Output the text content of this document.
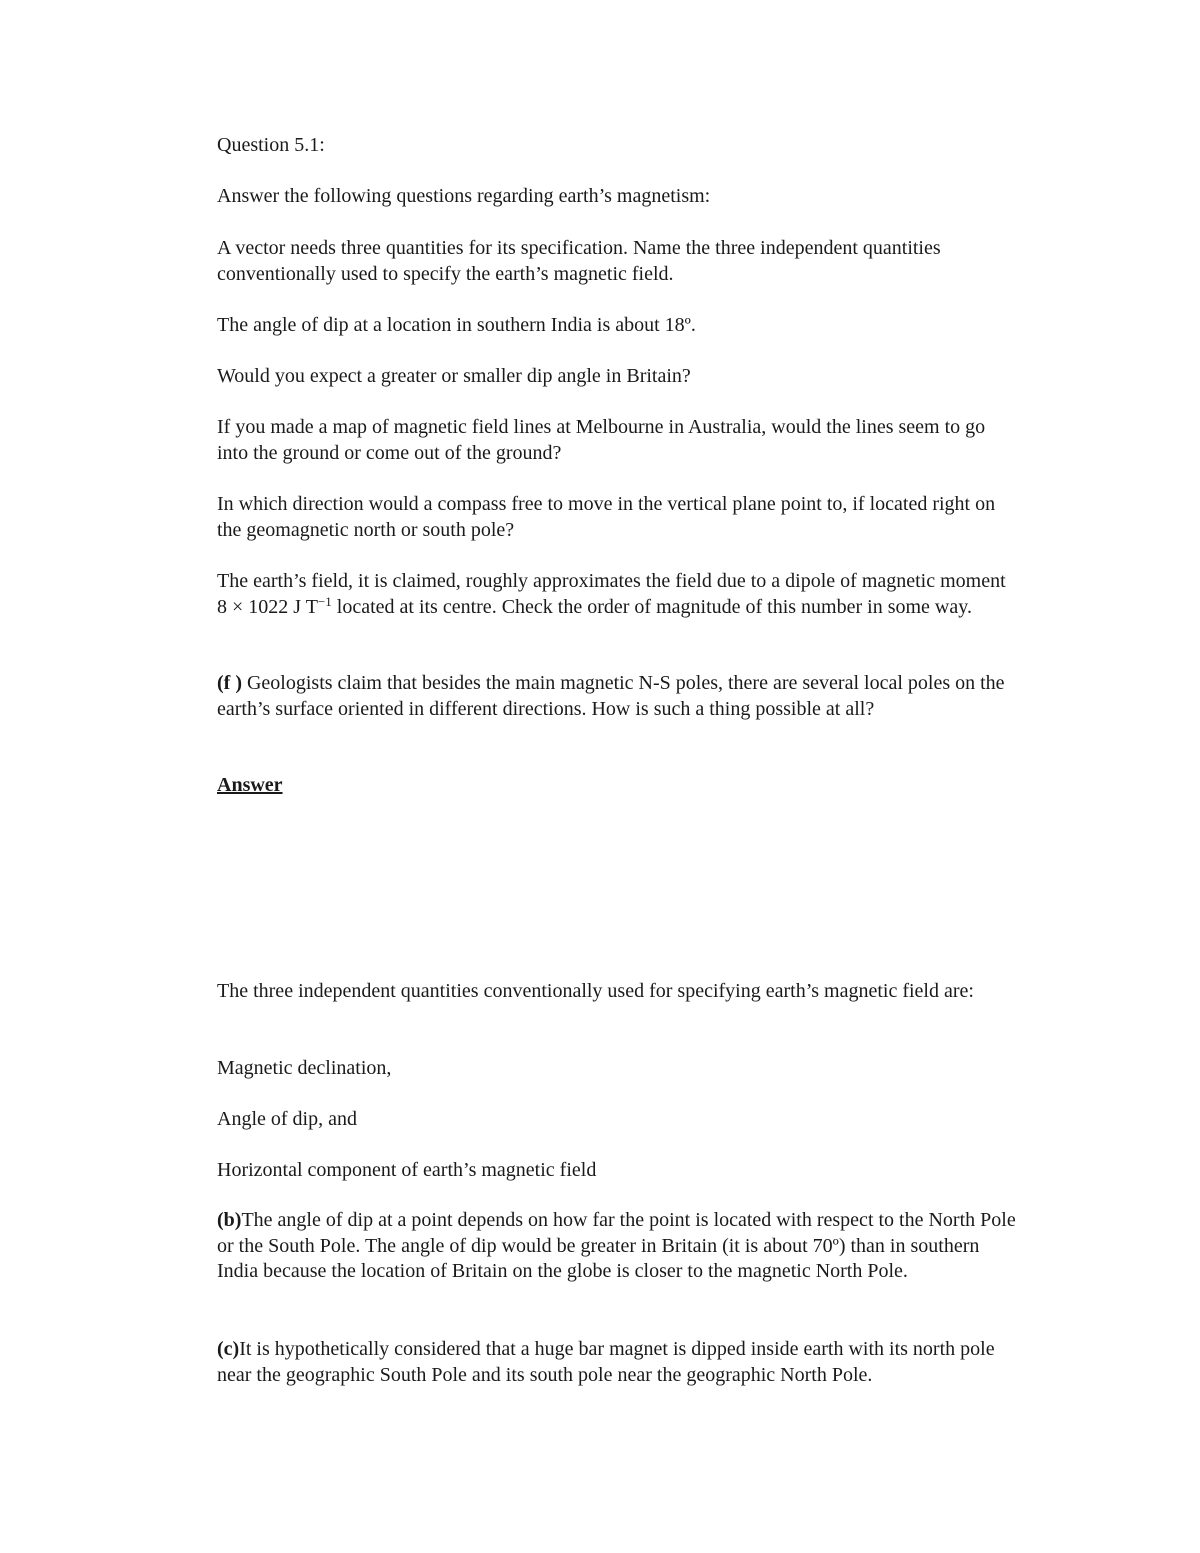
Question 5.1:

Answer the following questions regarding earth’s magnetism:

A vector needs three quantities for its specification. Name the three independent quantities conventionally used to specify the earth’s magnetic field.

The angle of dip at a location in southern India is about 18º.

Would you expect a greater or smaller dip angle in Britain?

If you made a map of magnetic field lines at Melbourne in Australia, would the lines seem to go into the ground or come out of the ground?

In which direction would a compass free to move in the vertical plane point to, if located right on the geomagnetic north or south pole?

The earth’s field, it is claimed, roughly approximates the field due to a dipole of magnetic moment 8 × 1022 J $T^{-1}$ located at its centre. Check the order of magnitude of this number in some way.

(f ) Geologists claim that besides the main magnetic N-S poles, there are several local poles on the earth’s surface oriented in different directions. How is such a thing possible at all?

Answer

The three independent quantities conventionally used for specifying earth’s magnetic field are:

Magnetic declination,

Angle of dip, and

Horizontal component of earth’s magnetic field

(b)The angle of dip at a point depends on how far the point is located with respect to the North Pole or the South Pole. The angle of dip would be greater in Britain (it is about 70º) than in southern India because the location of Britain on the globe is closer to the magnetic North Pole.

(c)It is hypothetically considered that a huge bar magnet is dipped inside earth with its north pole near the geographic South Pole and its south pole near the geographic North Pole.
